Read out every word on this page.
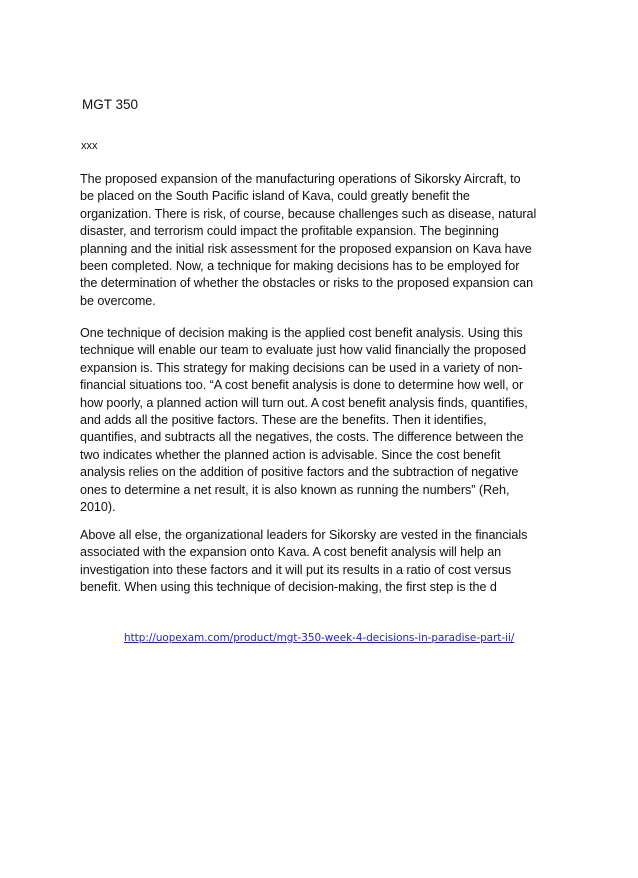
MGT 350

xxx

The proposed expansion of the manufacturing operations of Sikorsky Aircraft, to
be placed on the South Pacific island of Kava, could greatly benefit the
organization. There is risk, of course, because challenges such as disease, natural
disaster, and terrorism could impact the profitable expansion. The beginning
planning and the initial risk assessment for the proposed expansion on Kava have
been completed. Now, a technique for making decisions has to be employed for
the determination of whether the obstacles or risks to the proposed expansion can
be overcome.

One technique of decision making is the applied cost benefit analysis. Using this
technique will enable our team to evaluate just how valid financially the proposed
expansion is. This strategy for making decisions can be used in a variety of non-
financial situations too. “A cost benefit analysis is done to determine how well, or
how poorly, a planned action will turn out. A cost benefit analysis finds, quantifies,
and adds all the positive factors. These are the benefits. Then it identifies,
quantifies, and subtracts all the negatives, the costs. The difference between the
two indicates whether the planned action is advisable. Since the cost benefit
analysis relies on the addition of positive factors and the subtraction of negative
ones to determine a net result, it is also known as running the numbers” (Reh,
2010).

Above all else, the organizational leaders for Sikorsky are vested in the financials
associated with the expansion onto Kava. A cost benefit analysis will help an
investigation into these factors and it will put its results in a ratio of cost versus
benefit. When using this technique of decision-making, the first step is the d

http://uopexam.com/product/mgt-350-week-4-decisions-in-paradise-part-ii/
